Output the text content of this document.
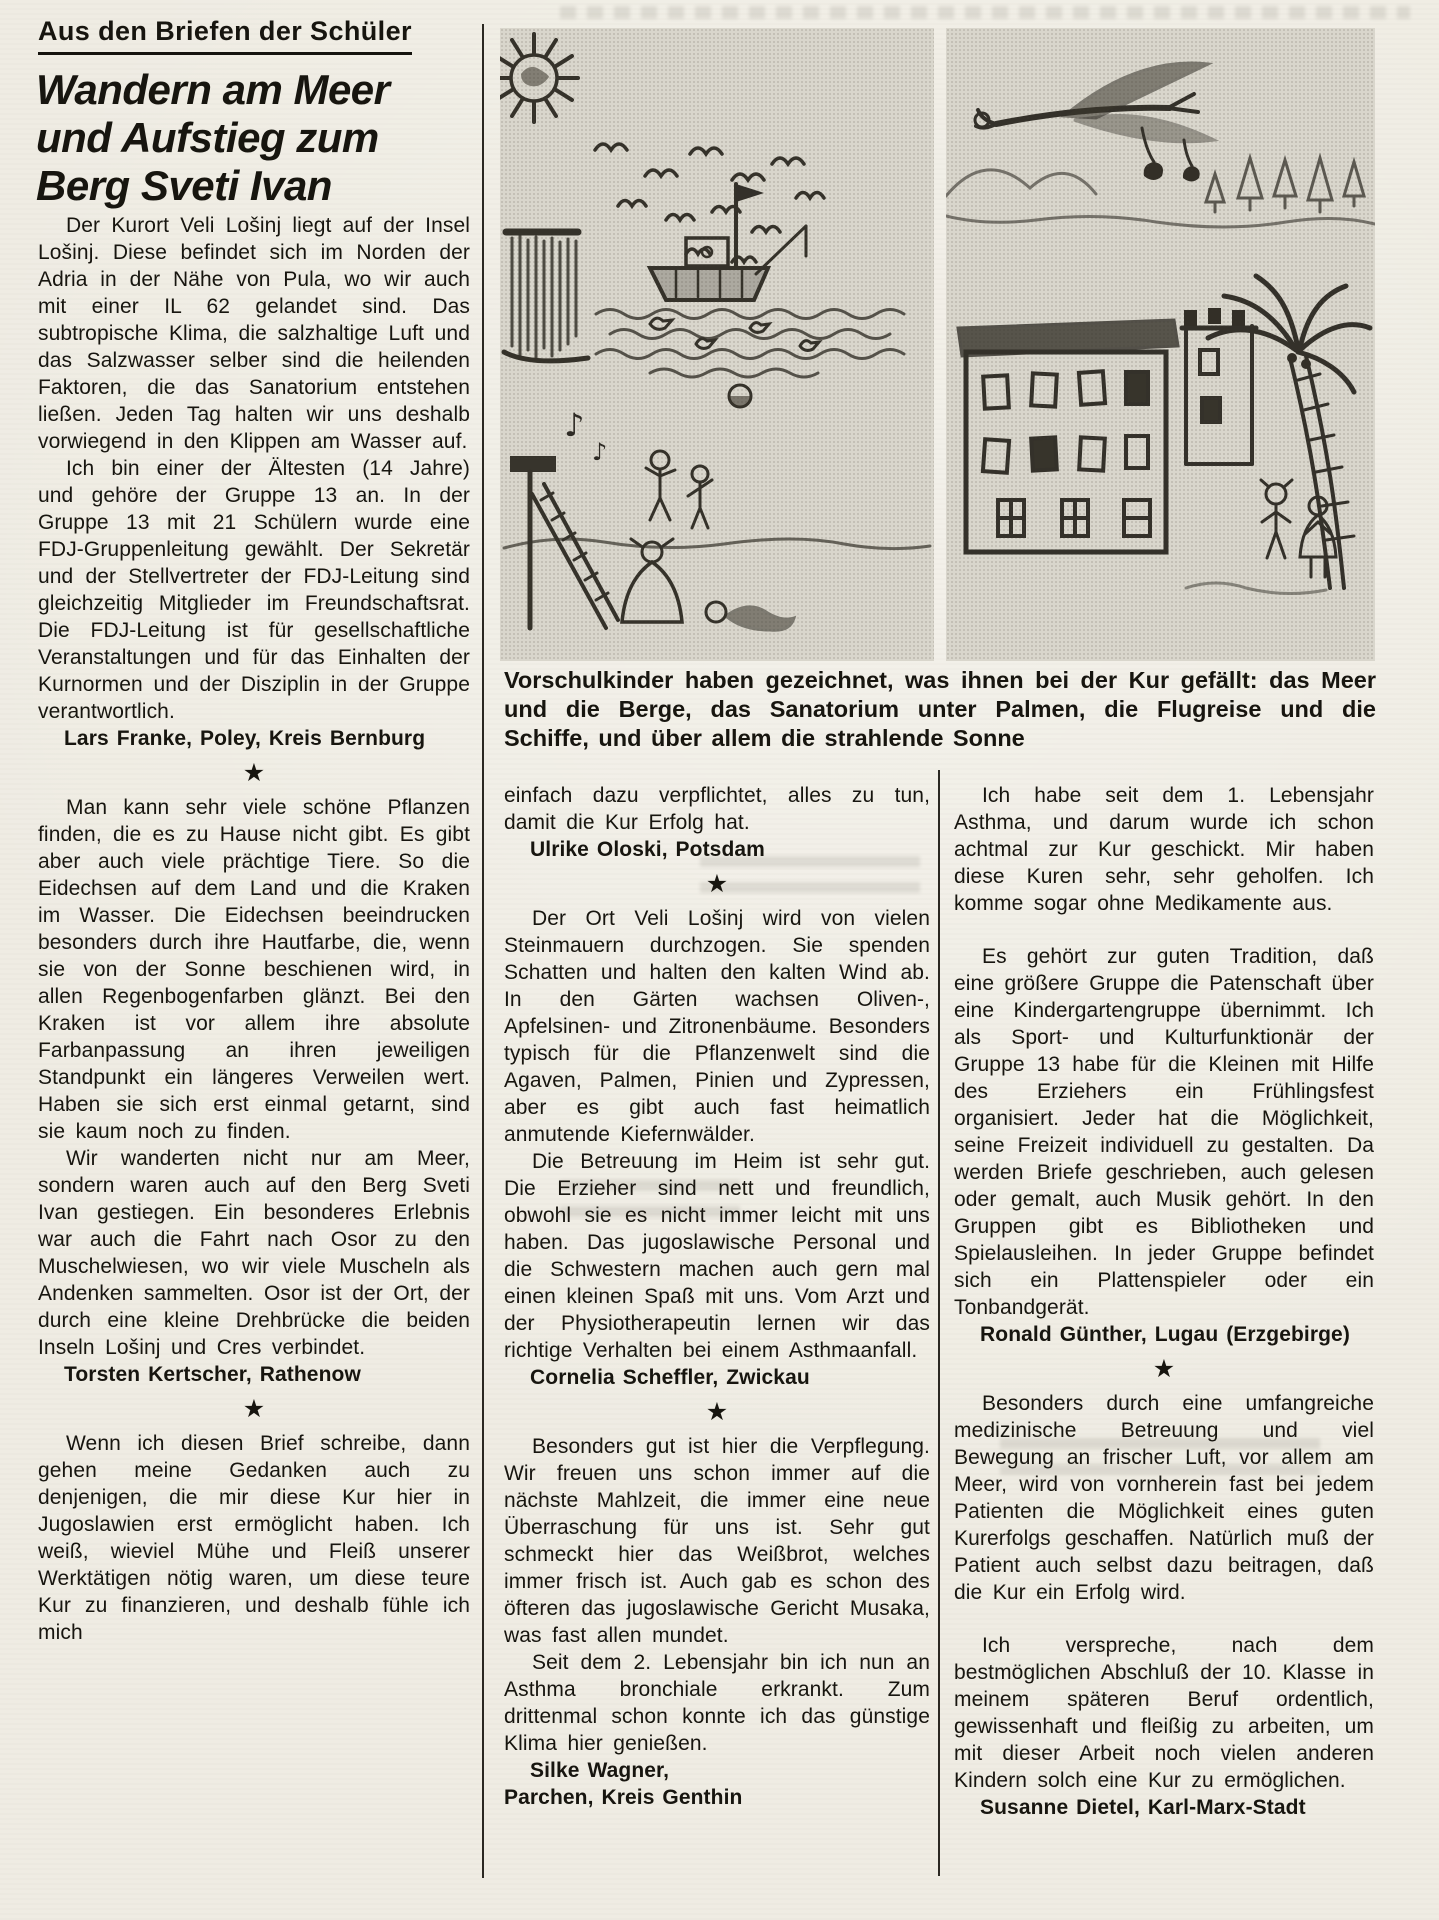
Aus den Briefen der Schüler
Wandern am Meer
und Aufstieg zum
Berg Sveti Ivan
♪
♪

Vorschulkinder haben gezeichnet, was ihnen bei der Kur gefällt: das Meer und die Berge, das Sanatorium unter Palmen, die Flugreise und die Schiffe, und über allem die strahlende Sonne

Der Kurort Veli Lošinj liegt auf der Insel Lošinj. Diese befindet sich im Norden der Adria in der Nähe von Pula, wo wir auch mit einer IL 62 gelandet sind. Das subtropische Klima, die salzhaltige Luft und das Salzwasser selber sind die heilenden Faktoren, die das Sanatorium entstehen ließen. Jeden Tag halten wir uns deshalb vorwiegend in den Klippen am Wasser auf.

Ich bin einer der Ältesten (14 Jahre) und gehöre der Gruppe 13 an. In der Gruppe 13 mit 21 Schülern wurde eine FDJ-Gruppenleitung gewählt. Der Sekretär und der Stellvertreter der FDJ-Leitung sind gleichzeitig Mitglieder im Freundschaftsrat. Die FDJ-Leitung ist für gesellschaftliche Veranstaltungen und für das Einhalten der Kurnormen und der Disziplin in der Gruppe verantwortlich.

Lars Franke, Poley, Kreis Bernburg

★

Man kann sehr viele schöne Pflanzen finden, die es zu Hause nicht gibt. Es gibt aber auch viele prächtige Tiere. So die Eidechsen auf dem Land und die Kraken im Wasser. Die Eidechsen beeindrucken besonders durch ihre Hautfarbe, die, wenn sie von der Sonne beschienen wird, in allen Regenbogenfarben glänzt. Bei den Kraken ist vor allem ihre absolute Farbanpassung an ihren jeweiligen Standpunkt ein längeres Verweilen wert. Haben sie sich erst einmal getarnt, sind sie kaum noch zu finden.

Wir wanderten nicht nur am Meer, sondern waren auch auf den Berg Sveti Ivan gestiegen. Ein besonderes Erlebnis war auch die Fahrt nach Osor zu den Muschelwiesen, wo wir viele Muscheln als Andenken sammelten. Osor ist der Ort, der durch eine kleine Drehbrücke die beiden Inseln Lošinj und Cres verbindet.

Torsten Kertscher, Rathenow

★

Wenn ich diesen Brief schreibe, dann gehen meine Gedanken auch zu denjenigen, die mir diese Kur hier in Jugoslawien erst ermöglicht haben. Ich weiß, wieviel Mühe und Fleiß unserer Werktätigen nötig waren, um diese teure Kur zu finanzieren, und deshalb fühle ich mich

einfach dazu verpflichtet, alles zu tun, damit die Kur Erfolg hat.

Ulrike Oloski, Potsdam

★

Der Ort Veli Lošinj wird von vielen Steinmauern durchzogen. Sie spenden Schatten und halten den kalten Wind ab. In den Gärten wachsen Oliven-, Apfelsinen- und Zitronenbäume. Besonders typisch für die Pflanzenwelt sind die Agaven, Palmen, Pinien und Zypressen, aber es gibt auch fast heimatlich anmutende Kiefernwälder.

Die Betreuung im Heim ist sehr gut. Die Erzieher sind nett und freundlich, obwohl sie es nicht immer leicht mit uns haben. Das jugoslawische Personal und die Schwestern machen auch gern mal einen kleinen Spaß mit uns. Vom Arzt und der Physiotherapeutin lernen wir das richtige Verhalten bei einem Asthmaanfall.

Cornelia Scheffler, Zwickau

★

Besonders gut ist hier die Verpflegung. Wir freuen uns schon immer auf die nächste Mahlzeit, die immer eine neue Überraschung für uns ist. Sehr gut schmeckt hier das Weißbrot, welches immer frisch ist. Auch gab es schon des öfteren das jugoslawische Gericht Musaka, was fast allen mundet.

Seit dem 2. Lebensjahr bin ich nun an Asthma bronchiale erkrankt. Zum drittenmal schon konnte ich das günstige Klima hier genießen.

Silke Wagner,
Parchen, Kreis Genthin

Ich habe seit dem 1. Lebensjahr Asthma, und darum wurde ich schon achtmal zur Kur geschickt. Mir haben diese Kuren sehr, sehr geholfen. Ich komme sogar ohne Medikamente aus.

Es gehört zur guten Tradition, daß eine größere Gruppe die Patenschaft über eine Kindergartengruppe übernimmt. Ich als Sport- und Kulturfunktionär der Gruppe 13 habe für die Kleinen mit Hilfe des Erziehers ein Frühlingsfest organisiert. Jeder hat die Möglichkeit, seine Freizeit individuell zu gestalten. Da werden Briefe geschrieben, auch gelesen oder gemalt, auch Musik gehört. In den Gruppen gibt es Bibliotheken und Spielausleihen. In jeder Gruppe befindet sich ein Plattenspieler oder ein Tonbandgerät.

Ronald Günther, Lugau (Erzgebirge)

★

Besonders durch eine umfangreiche medizinische Betreuung und viel Bewegung an frischer Luft, vor allem am Meer, wird von vornherein fast bei jedem Patienten die Möglichkeit eines guten Kurerfolgs geschaffen. Natürlich muß der Patient auch selbst dazu beitragen, daß die Kur ein Erfolg wird.

Ich verspreche, nach dem bestmöglichen Abschluß der 10. Klasse in meinem späteren Beruf ordentlich, gewissenhaft und fleißig zu arbeiten, um mit dieser Arbeit noch vielen anderen Kindern solch eine Kur zu ermöglichen.

Susanne Dietel, Karl-Marx-Stadt
